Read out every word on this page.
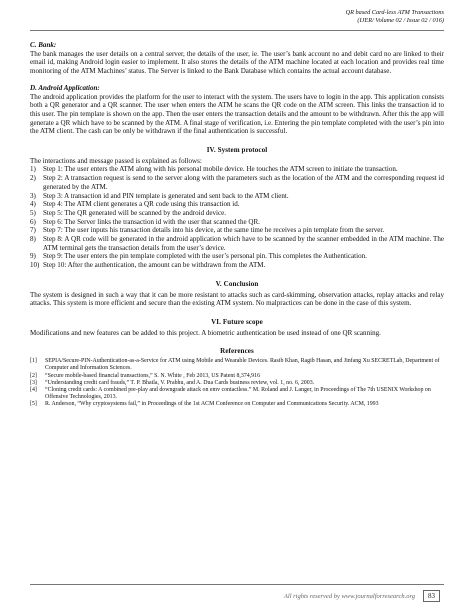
QR based Card-less ATM Transactions
(IJER/ Volume 02 / Issue 02 / 016)
C. Bank:

The bank manages the user details on a central server, the details of the user, ie. The user’s bank account no and debit card no are linked to their email id, making Android login easier to implement. It also stores the details of the ATM machine located at each location and provides real time monitoring of the ATM Machines’ status. The Server is linked to the Bank Database which contains the actual account database.

D. Android Application:

The android application provides the platform for the user to interact with the system. The users have to login in the app. This application consists both a QR generator and a QR scanner. The user when enters the ATM he scans the QR code on the ATM screen. This links the transaction id to this user. The pin template is shown on the app. Then the user enters the transaction details and the amount to be withdrawn. After this the app will generate a QR which have to be scanned by the ATM. A final stage of verification, i.e. Entering the pin template completed with the user’s pin into the ATM client. The cash can be only be withdrawn if the final authentication is successful.

IV. System protocol

The interactions and message passed is explained as follows:

1)	Step 1: The user enters the ATM along with his personal mobile device. He touches the ATM screen to initiate the transaction.
2)	Step 2: A transaction request is send to the server along with the parameters such as the location of the ATM and the corresponding request id generated by the ATM.
3)	Step 3: A transaction id and PIN template is generated and sent back to the ATM client.
4)	Step 4: The ATM client generates a QR code using this transaction id.
5)	Step 5: The QR generated will be scanned by the android device.
6)	Step 6: The Server links the transaction id with the user that scanned the QR.
7)	Step 7: The user inputs his transaction details into his device, at the same time he receives a pin template from the server.
8)	Step 8: A QR code will be generated in the android application which have to be scanned by the scanner embedded in the ATM machine. The ATM terminal gets the transaction details from the user’s device.
9)	Step 9: The user enters the pin template completed with the user’s personal pin. This completes the Authentication.
10) Step 10: After the authentication, the amount can be withdrawn from the ATM.
V. Conclusion

The system is designed in such a way that it can be more resistant to attacks such as card-skimming, observation attacks, replay attacks and relay attacks. This system is more efficient and secure than the existing ATM system. No malpractices can be done in the case of this system.

VI. Future scope

Modifications and new features can be added to this project. A biometric authentication be used instead of one QR scanning.

References
[1]	SEPIA/Secure-PIN-Authentication-as-a-Service for ATM using Mobile and Wearable Devices. Rasib Khan, Ragib Hasan, and Jinfang Xu SECRETLab, Department of Computer and Information Sciences.
[2]	“Secure mobile-based financial transactions,” S. N. White , Feb 2013, US Patent 8,374,916
[3]	“Understanding credit card frauds,” T. P. Bhatla, V. Prabhu, and A. Dua Cards business review, vol. 1, no. 6, 2003.
[4]	“Cloning credit cards: A combined pre-play and downgrade attack on emv contactless.” M. Roland and J. Langer, in Proceedings of The 7th USENIX Workshop on Offensive Technologies, 2013.
[5]	R. Anderson, “Why cryptosystems fail,” in Proceedings of the 1st ACM Conference on Computer and Communications Security. ACM, 1993
All rights reserved by www.journalforresearch.org	83
